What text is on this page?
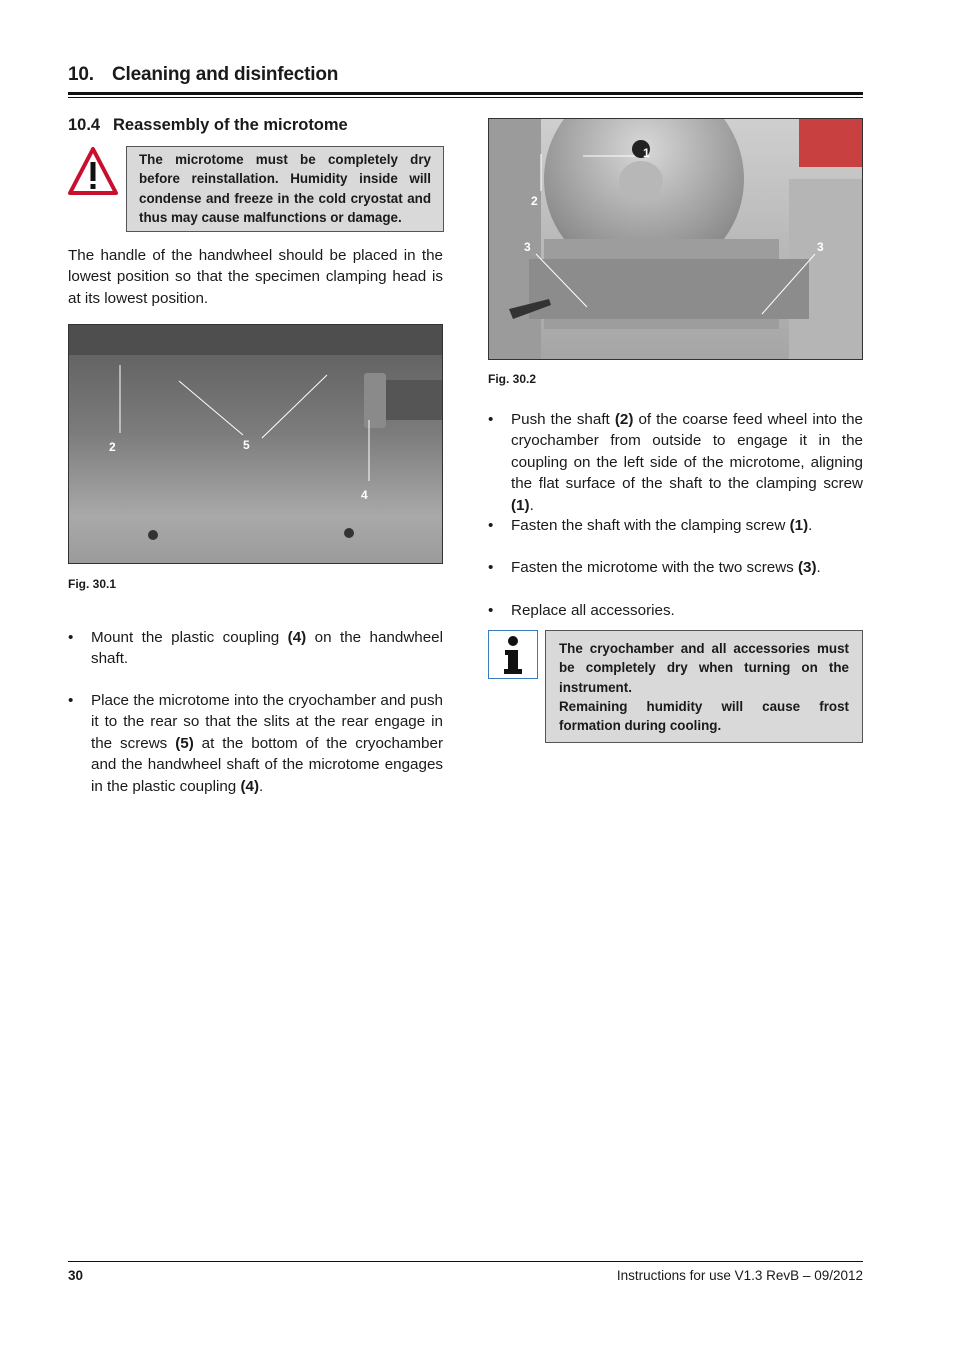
10. Cleaning and disinfection
10.4 Reassembly of the microtome
The microtome must be completely dry before reinstallation. Humidity inside will condense and freeze in the cold cryostat and thus may cause malfunctions or damage.
The handle of the handwheel should be placed in the lowest position so that the specimen clamping head is at its lowest position.
2	5
4
Fig. 30.1
• Mount the plastic coupling (4) on the handwheel shaft.
• Place the microtome into the cryochamber and push it to the rear so that the slits at the rear engage in the screws (5) at the bottom of the cryochamber and the handwheel shaft of the microtome engages in the plastic coupling (4).
1
2
3	3
Fig. 30.2
• Push the shaft (2) of the coarse feed wheel into the cryochamber from outside to engage it in the coupling on the left side of the microtome, aligning the flat surface of the shaft to the clamping screw (1).
• Fasten the shaft with the clamping screw (1).
• Fasten the microtome with the two screws (3).
• Replace all accessories.
The cryochamber and all accessories must be completely dry when turning on the instrument.
Remaining humidity will cause frost formation during cooling.
30	Instructions for use V1.3 RevB – 09/2012
